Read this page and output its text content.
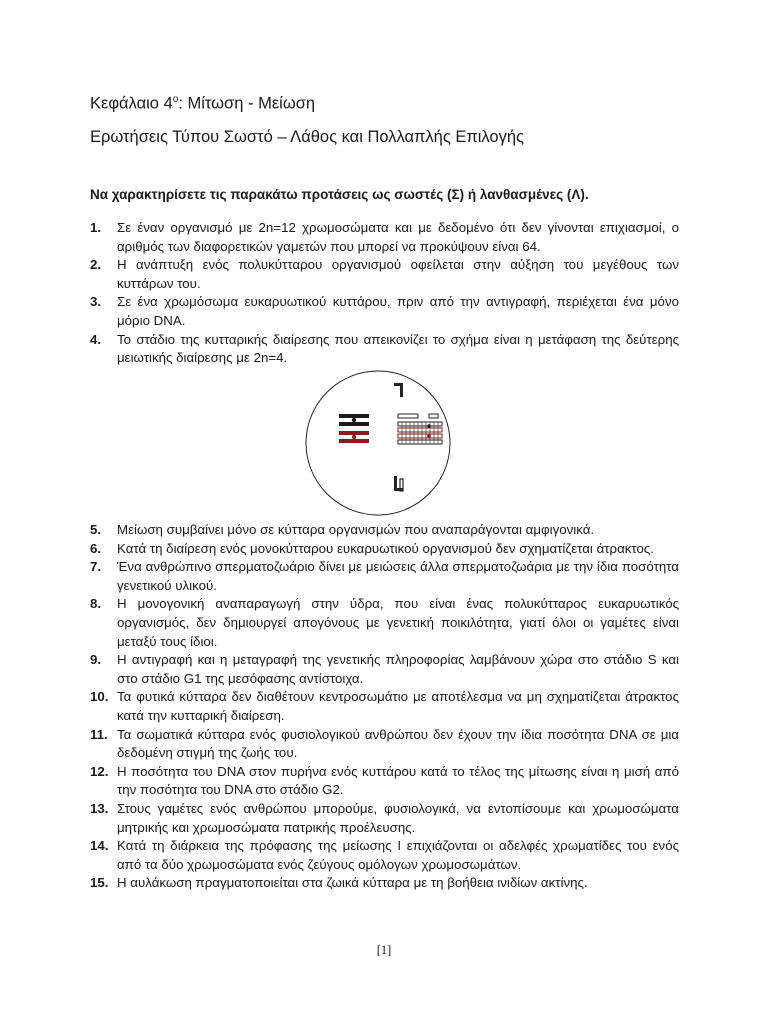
Κεφάλαιο $4^o$: Μίτωση - Μείωση
Ερωτήσεις Τύπου Σωστό – Λάθος και Πολλαπλής Επιλογής

Να χαρακτηρίσετε τις παρακάτω προτάσεις ως σωστές (Σ) ή λανθασμένες (Λ).

1. Σε έναν οργανισμό με 2n=12 χρωμοσώματα και με δεδομένο ότι δεν γίνονται επιχιασμοί, ο αριθμός των διαφορετικών γαμετών που μπορεί να προκύψουν είναι 64.
2. Η ανάπτυξη ενός πολυκύτταρου οργανισμού οφείλεται στην αύξηση του μεγέθους των κυττάρων του.
3. Σε ένα χρωμόσωμα ευκαρυωτικού κυττάρου, πριν από την αντιγραφή, περιέχεται ένα μόνο μόριο DNA.
4. Το στάδιο της κυτταρικής διαίρεσης που απεικονίζει το σχήμα είναι η μετάφαση της δεύτερης μειωτικής διαίρεσης με 2n=4.
5. Μείωση συμβαίνει μόνο σε κύτταρα οργανισμών που αναπαράγονται αμφιγονικά.
6. Κατά τη διαίρεση ενός μονοκύτταρου ευκαρυωτικού οργανισμού δεν σχηματίζεται άτρακτος.
7. Ένα ανθρώπινο σπερματοζωάριο δίνει με μειώσεις άλλα σπερματοζωάρια με την ίδια ποσότητα γενετικού υλικού.
8. Η μονογονική αναπαραγωγή στην ύδρα, που είναι ένας πολυκύτταρος ευκαρυωτικός οργανισμός, δεν δημιουργεί απογόνους με γενετική ποικιλότητα, γιατί όλοι οι γαμέτες είναι μεταξύ τους ίδιοι.
9. Η αντιγραφή και η μεταγραφή της γενετικής πληροφορίας λαμβάνουν χώρα στο στάδιο S και στο στάδιο G1 της μεσόφασης αντίστοιχα.
10. Τα φυτικά κύτταρα δεν διαθέτουν κεντροσωμάτιο με αποτέλεσμα να μη σχηματίζεται άτρακτος κατά την κυτταρική διαίρεση.
11. Τα σωματικά κύτταρα ενός φυσιολογικού ανθρώπου δεν έχουν την ίδια ποσότητα DNA σε μια δεδομένη στιγμή της ζωής του.
12. Η ποσότητα του DNA στον πυρήνα ενός κυττάρου κατά το τέλος της μίτωσης είναι η μισή από την ποσότητα του DNA στο στάδιο G2.
13. Στους γαμέτες ενός ανθρώπου μπορούμε, φυσιολογικά, να εντοπίσουμε και χρωμοσώματα μητρικής και χρωμοσώματα πατρικής προέλευσης.
14. Κατά τη διάρκεια της πρόφασης της μείωσης Ι επιχιάζονται οι αδελφές χρωματίδες του ενός από τα δύο χρωμοσώματα ενός ζεύγους ομόλογων χρωμοσωμάτων.
15. Η αυλάκωση πραγματοποιείται στα ζωικά κύτταρα με τη βοήθεια ινιδίων ακτίνης.
[1]
